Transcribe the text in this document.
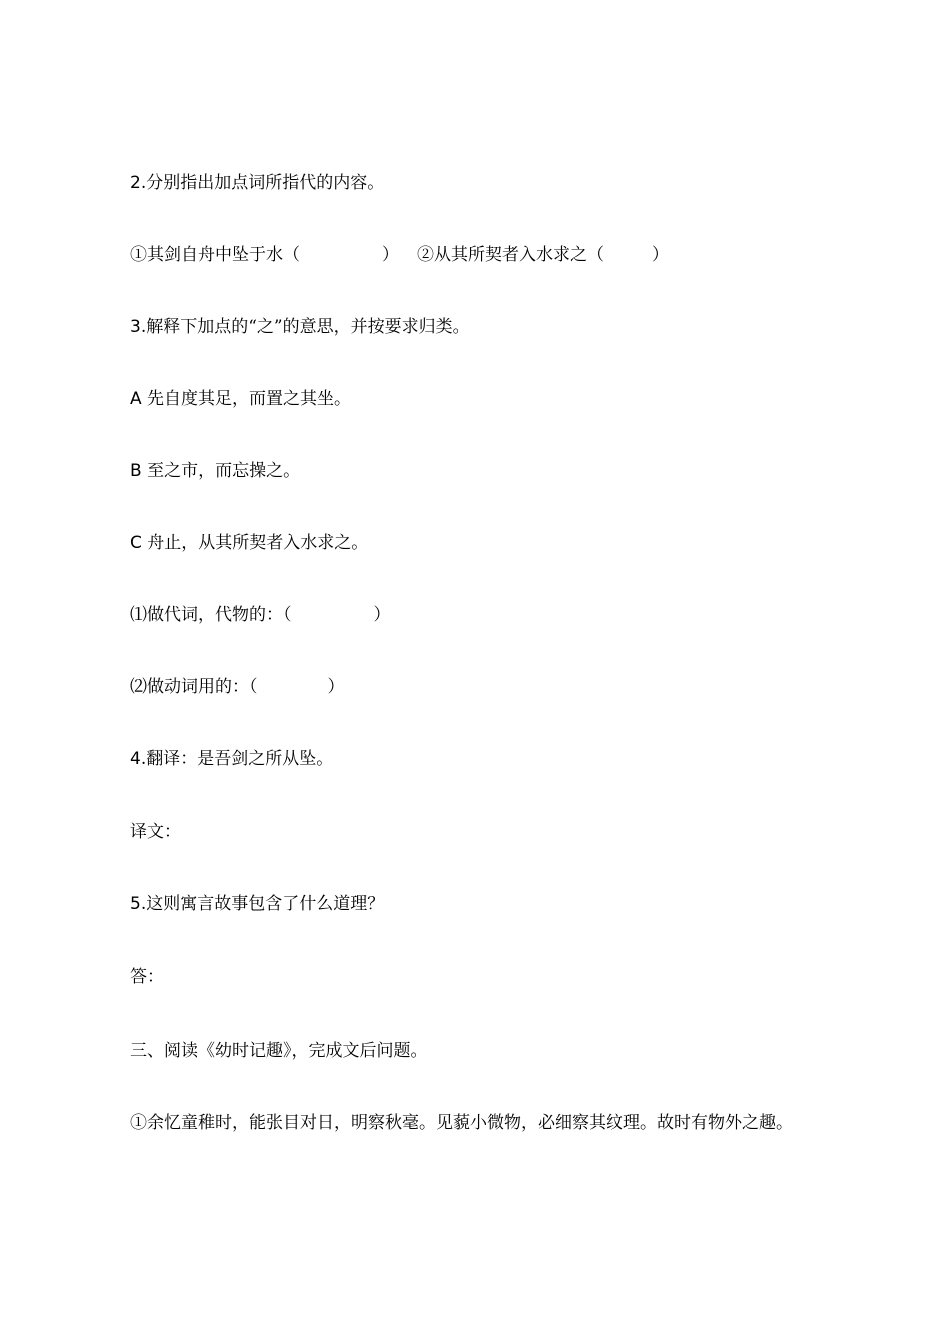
2.分别指出加点词所指代的内容。
①其剑自舟中坠于水（	） ②从其所契者入水求之（	）
3.解释下加点的“之”的意思，并按要求归类。
A 先自度其足，而置之其坐。
B 至之市，而忘操之。
C 舟止，从其所契者入水求之。
⑴做代词，代物的：（	）
⑵做动词用的：（	）
4.翻译：是吾剑之所从坠。
译文：
5.这则寓言故事包含了什么道理？
答：
三、阅读《幼时记趣》，完成文后问题。
①余忆童稚时，能张目对日，明察秋毫。见藐小微物，必细察其纹理。故时有物外之趣。
